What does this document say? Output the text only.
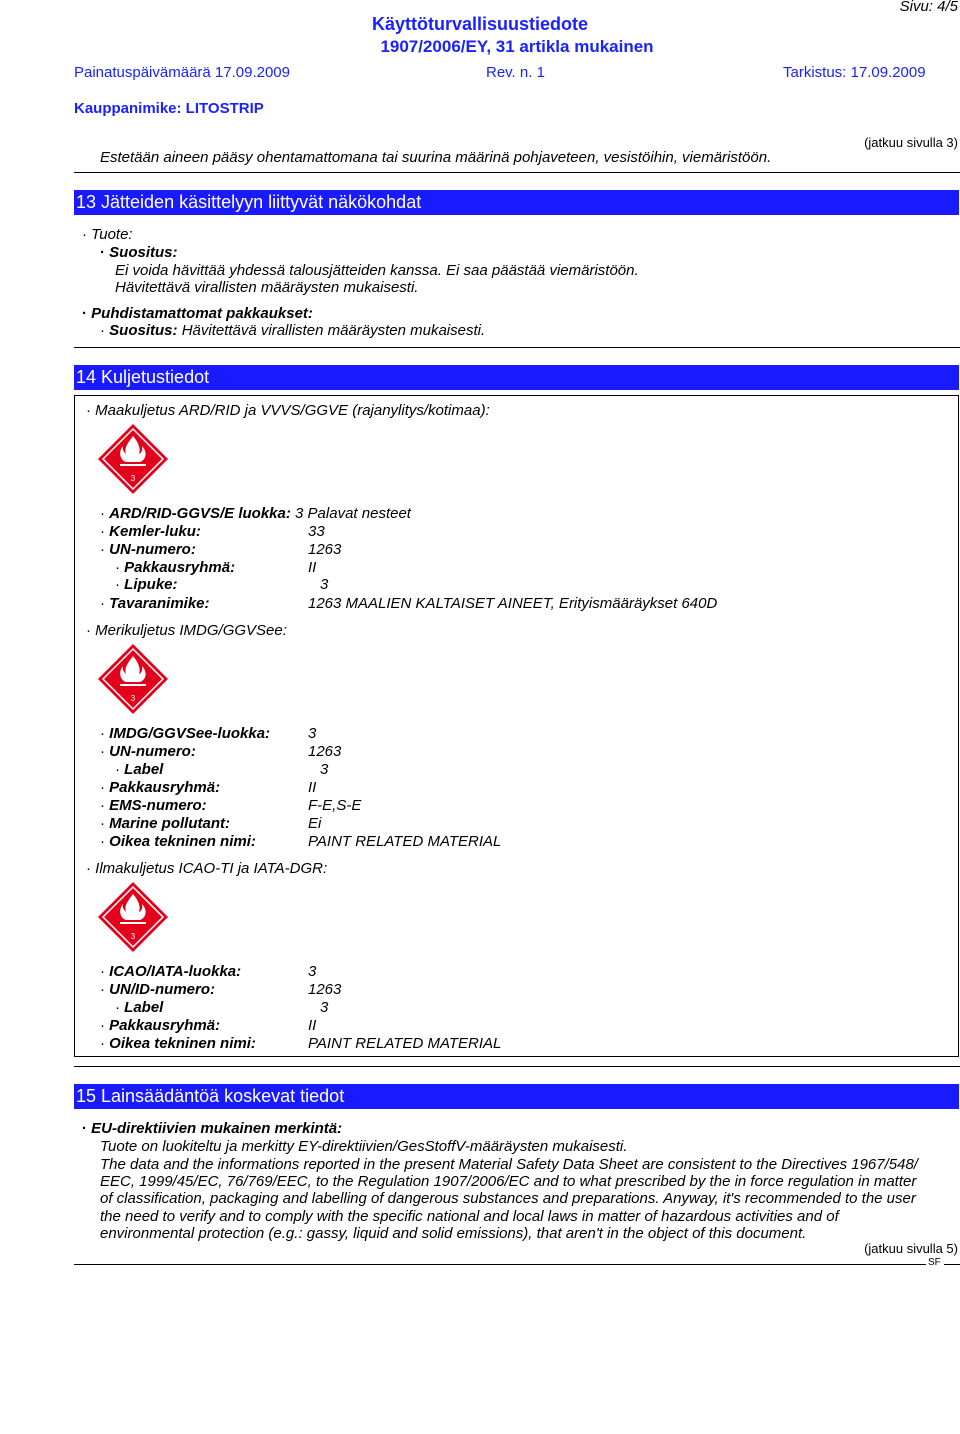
Sivu: 4/5
Käyttöturvallisuustiedote
1907/2006/EY, 31 artikla mukainen
Painatuspäivämäärä 17.09.2009	Rev. n. 1	Tarkistus: 17.09.2009
Kauppanimike: LITOSTRIP
(jatkuu sivulla 3)
Estetään aineen pääsy ohentamattomana tai suurina määrinä pohjaveteen, vesistöihin, viemäristöön.
13 Jätteiden käsittelyyn liittyvät näkökohdat
· Tuote:
· Suositus:
Ei voida hävittää yhdessä talousjätteiden kanssa. Ei saa päästää viemäristöön.
Hävitettävä virallisten määräysten mukaisesti.
· Puhdistamattomat pakkaukset:
· Suositus: Hävitettävä virallisten määräysten mukaisesti.
14 Kuljetustiedot
· Maakuljetus ARD/RID ja VVVS/GGVE (rajanylitys/kotimaa):
3
· ARD/RID-GGVS/E luokka: 3 Palavat nesteet
· Kemler-luku:	33
· UN-numero:	1263
· Pakkausryhmä:	II
· Lipuke:	3
· Tavaranimike:	1263 MAALIEN KALTAISET AINEET, Erityismääräykset 640D
· Merikuljetus IMDG/GGVSee:
3
· IMDG/GGVSee-luokka:	3
· UN-numero:	1263
· Label	3
· Pakkausryhmä:	II
· EMS-numero:	F-E,S-E
· Marine pollutant:	Ei
· Oikea tekninen nimi:	PAINT RELATED MATERIAL
· Ilmakuljetus ICAO-TI ja IATA-DGR:
3
· ICAO/IATA-luokka:	3
· UN/ID-numero:	1263
· Label	3
· Pakkausryhmä:	II
· Oikea tekninen nimi:	PAINT RELATED MATERIAL
15 Lainsäädäntöä koskevat tiedot
· EU-direktiivien mukainen merkintä:
Tuote on luokiteltu ja merkitty EY-direktiivien/GesStoffV-määräysten mukaisesti.
The data and the informations reported in the present Material Safety Data Sheet are consistent to the Directives 1967/548/
EEC, 1999/45/EC, 76/769/EEC, to the Regulation 1907/2006/EC and to what prescribed by the in force regulation in matter
of classification, packaging and labelling of dangerous substances and preparations. Anyway, it's recommended to the user
the need to verify and to comply with the specific national and local laws in matter of hazardous activities and of
environmental protection (e.g.: gassy, liquid and solid emissions), that aren't in the object of this document.
(jatkuu sivulla 5)
SF
